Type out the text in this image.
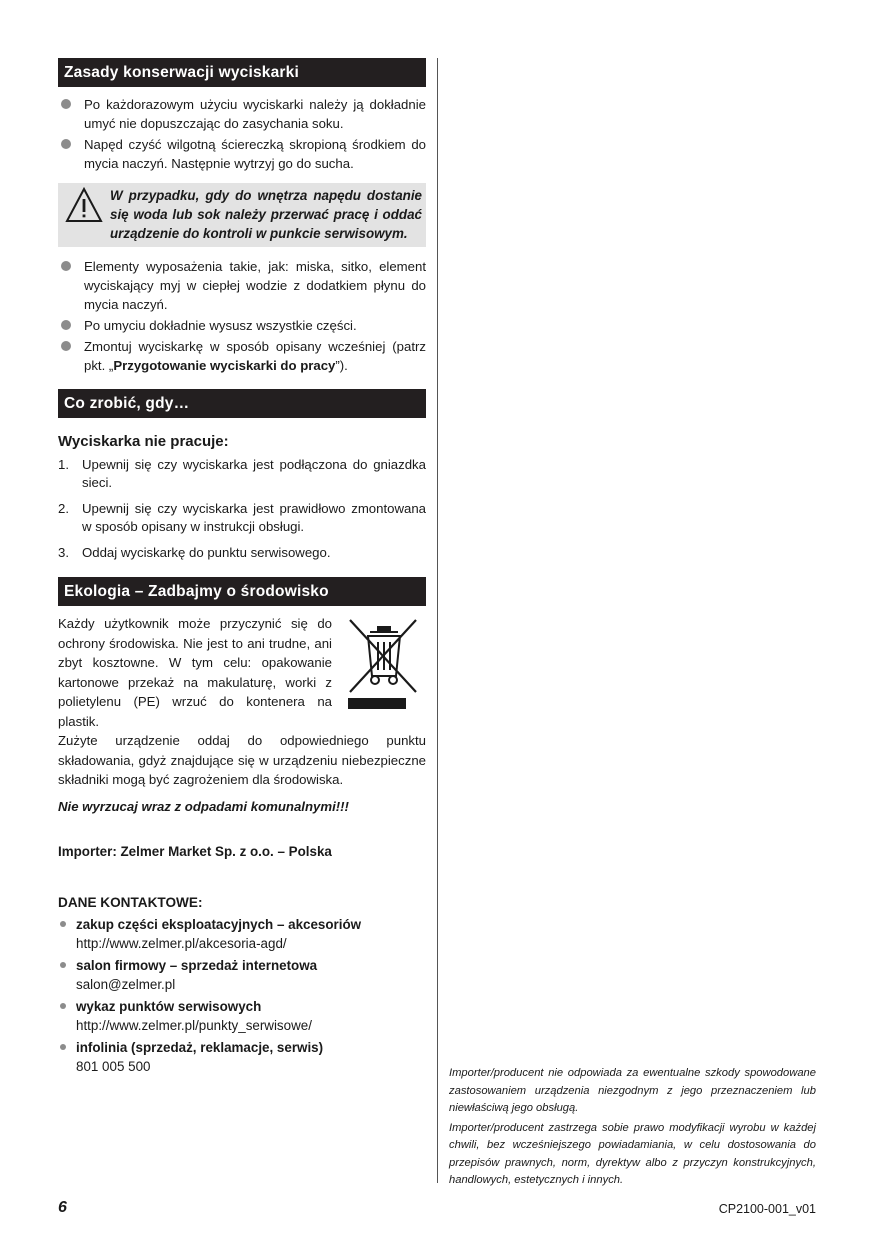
Zasady konserwacji wyciskarki
Po każdorazowym użyciu wyciskarki należy ją dokładnie umyć nie dopuszczając do zasychania soku.
Napęd czyść wilgotną ściereczką skropioną środkiem do mycia naczyń. Następnie wytrzyj go do sucha.
W przypadku, gdy do wnętrza napędu dostanie się woda lub sok należy przerwać pracę i oddać urządzenie do kontroli w punkcie serwisowym.
Elementy wyposażenia takie, jak: miska, sitko, element wyciskający myj w ciepłej wodzie z dodatkiem płynu do mycia naczyń.
Po umyciu dokładnie wysusz wszystkie części.
Zmontuj wyciskarkę w sposób opisany wcześniej (patrz pkt. „Przygotowanie wyciskarki do pracy”).
Co zrobić, gdy…
Wyciskarka nie pracuje:
1. Upewnij się czy wyciskarka jest podłączona do gniazdka sieci.
2. Upewnij się czy wyciskarka jest prawidłowo zmontowana w sposób opisany w instrukcji obsługi.
3. Oddaj wyciskarkę do punktu serwisowego.
Ekologia – Zadbajmy o środowisko
Każdy użytkownik może przyczynić się do ochrony środowiska. Nie jest to ani trudne, ani zbyt kosztowne. W tym celu: opakowanie kartonowe przekaż na makulaturę, worki z polietylenu (PE) wrzuć do kontenera na plastik.
Zużyte urządzenie oddaj do odpowiedniego punktu składowania, gdyż znajdujące się w urządzeniu niebezpieczne składniki mogą być zagrożeniem dla środowiska.
Nie wyrzucaj wraz z odpadami komunalnymi!!!
Importer: Zelmer Market Sp. z o.o. – Polska
DANE KONTAKTOWE:
zakup części eksploatacyjnych – akcesoriów
http://www.zelmer.pl/akcesoria-agd/
salon firmowy – sprzedaż internetowa
salon@zelmer.pl
wykaz punktów serwisowych
http://www.zelmer.pl/punkty_serwisowe/
infolinia (sprzedaż, reklamacje, serwis)
801 005 500	Importer/producent nie odpowiada za ewentualne szkody spowodowane zastosowaniem urządzenia niezgodnym z jego przeznaczeniem lub niewłaściwą jego obsługą.

Importer/producent zastrzega sobie prawo modyfikacji wyrobu w każdej chwili, bez wcześniejszego powiadamiania, w celu dostosowania do przepisów prawnych, norm, dyrektyw albo z przyczyn konstrukcyjnych, handlowych, estetycznych i innych.

6	CP2100-001_v01
